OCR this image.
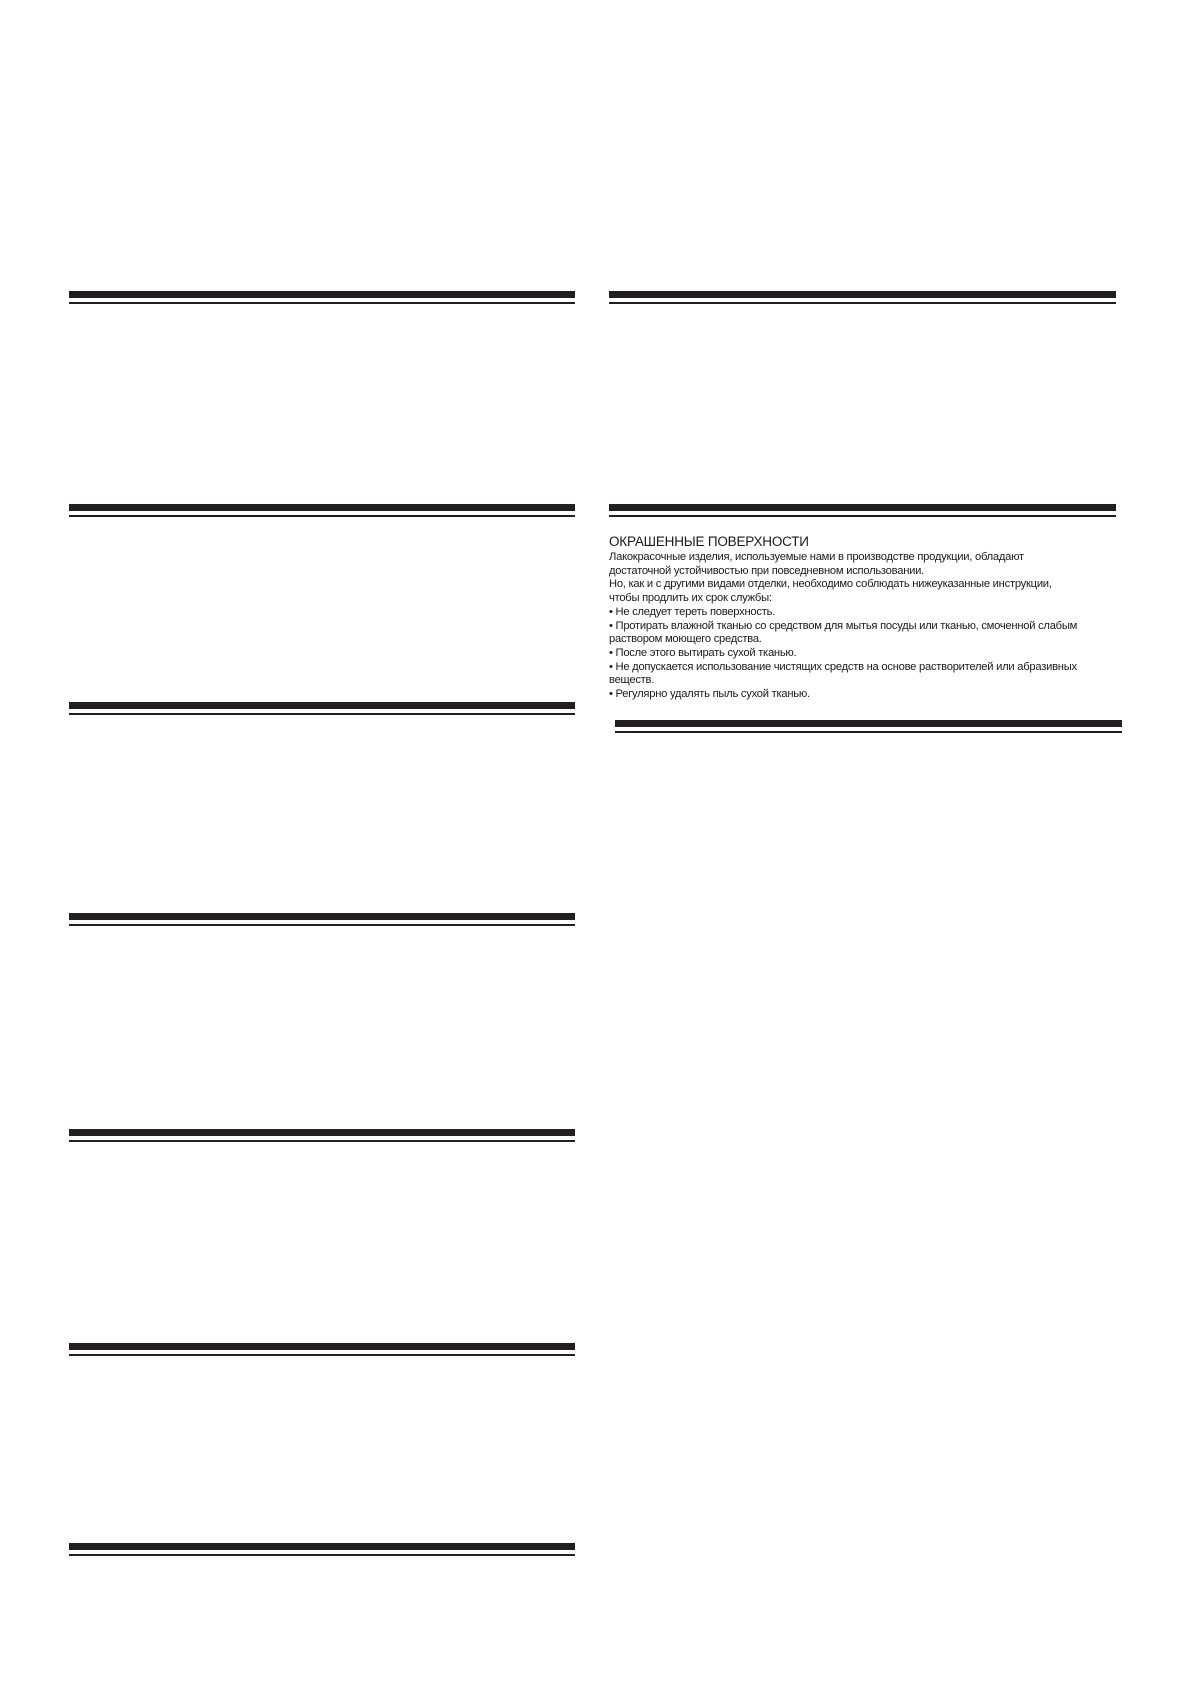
ОКРАШЕННЫЕ ПОВЕРХНОСТИ

Лакокрасочные изделия, используемые нами в производстве продукции, обладают

достаточной устойчивостью при повседневном использовании.

Но, как и с другими видами отделки, необходимо соблюдать нижеуказанные инструкции,

чтобы продлить их срок службы:

• Не следует тереть поверхность.

• Протирать влажной тканью со средством для мытья посуды или тканью, смоченной слабым

раствором моющего средства.

• После этого вытирать сухой тканью.

• Не допускается использование чистящих средств на основе растворителей или абразивных

веществ.

• Регулярно удалять пыль сухой тканью.
